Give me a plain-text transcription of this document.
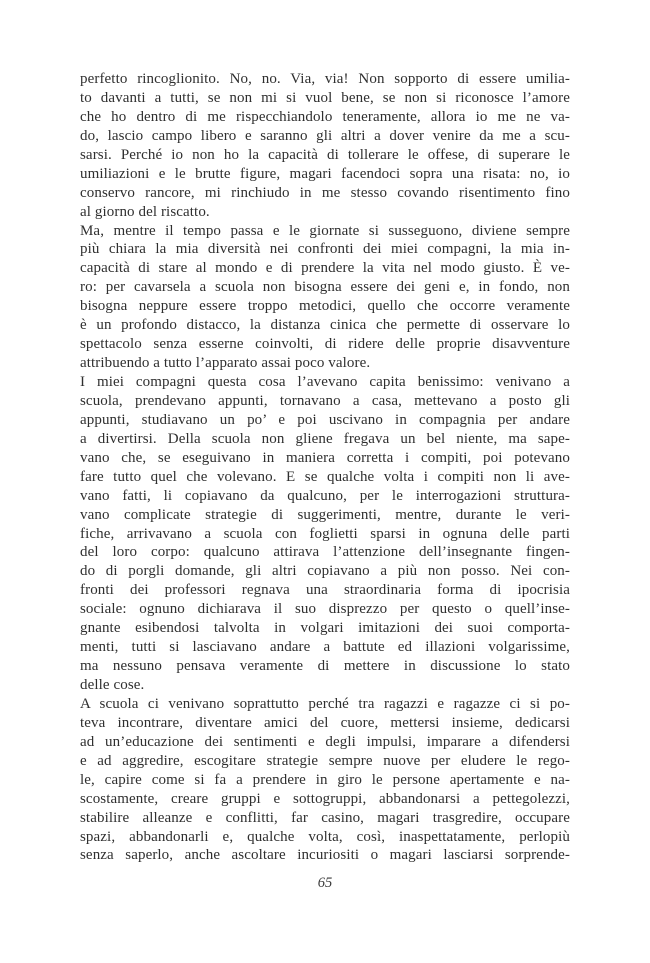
perfetto rincoglionito. No, no. Via, via! Non sopporto di essere umilia-
to davanti a tutti, se non mi si vuol bene, se non si riconosce l’amore
che ho dentro di me rispecchiandolo teneramente, allora io me ne va-
do, lascio campo libero e saranno gli altri a dover venire da me a scu-
sarsi. Perché io non ho la capacità di tollerare le offese, di superare le
umiliazioni e le brutte figure, magari facendoci sopra una risata: no, io
conservo rancore, mi rinchiudo in me stesso covando risentimento fino
al giorno del riscatto.
Ma, mentre il tempo passa e le giornate si susseguono, diviene sempre
più chiara la mia diversità nei confronti dei miei compagni, la mia in-
capacità di stare al mondo e di prendere la vita nel modo giusto. È ve-
ro: per cavarsela a scuola non bisogna essere dei geni e, in fondo, non
bisogna neppure essere troppo metodici, quello che occorre veramente
è un profondo distacco, la distanza cinica che permette di osservare lo
spettacolo senza esserne coinvolti, di ridere delle proprie disavventure
attribuendo a tutto l’apparato assai poco valore.
I miei compagni questa cosa l’avevano capita benissimo: venivano a
scuola, prendevano appunti, tornavano a casa, mettevano a posto gli
appunti, studiavano un po’ e poi uscivano in compagnia per andare
a divertirsi. Della scuola non gliene fregava un bel niente, ma sape-
vano che, se eseguivano in maniera corretta i compiti, poi potevano
fare tutto quel che volevano. E se qualche volta i compiti non li ave-
vano fatti, li copiavano da qualcuno, per le interrogazioni struttura-
vano complicate strategie di suggerimenti, mentre, durante le veri-
fiche, arrivavano a scuola con foglietti sparsi in ognuna delle parti
del loro corpo: qualcuno attirava l’attenzione dell’insegnante fingen-
do di porgli domande, gli altri copiavano a più non posso. Nei con-
fronti dei professori regnava una straordinaria forma di ipocrisia
sociale: ognuno dichiarava il suo disprezzo per questo o quell’inse-
gnante esibendosi talvolta in volgari imitazioni dei suoi comporta-
menti, tutti si lasciavano andare a battute ed illazioni volgarissime,
ma nessuno pensava veramente di mettere in discussione lo stato
delle cose.
A scuola ci venivano soprattutto perché tra ragazzi e ragazze ci si po-
teva incontrare, diventare amici del cuore, mettersi insieme, dedicarsi
ad un’educazione dei sentimenti e degli impulsi, imparare a difendersi
e ad aggredire, escogitare strategie sempre nuove per eludere le rego-
le, capire come si fa a prendere in giro le persone apertamente e na-
scostamente, creare gruppi e sottogruppi, abbandonarsi a pettegolezzi,
stabilire alleanze e conflitti, far casino, magari trasgredire, occupare
spazi, abbandonarli e, qualche volta, così, inaspettatamente, perlopiù
senza saperlo, anche ascoltare incuriositi o magari lasciarsi sorprende-
65
